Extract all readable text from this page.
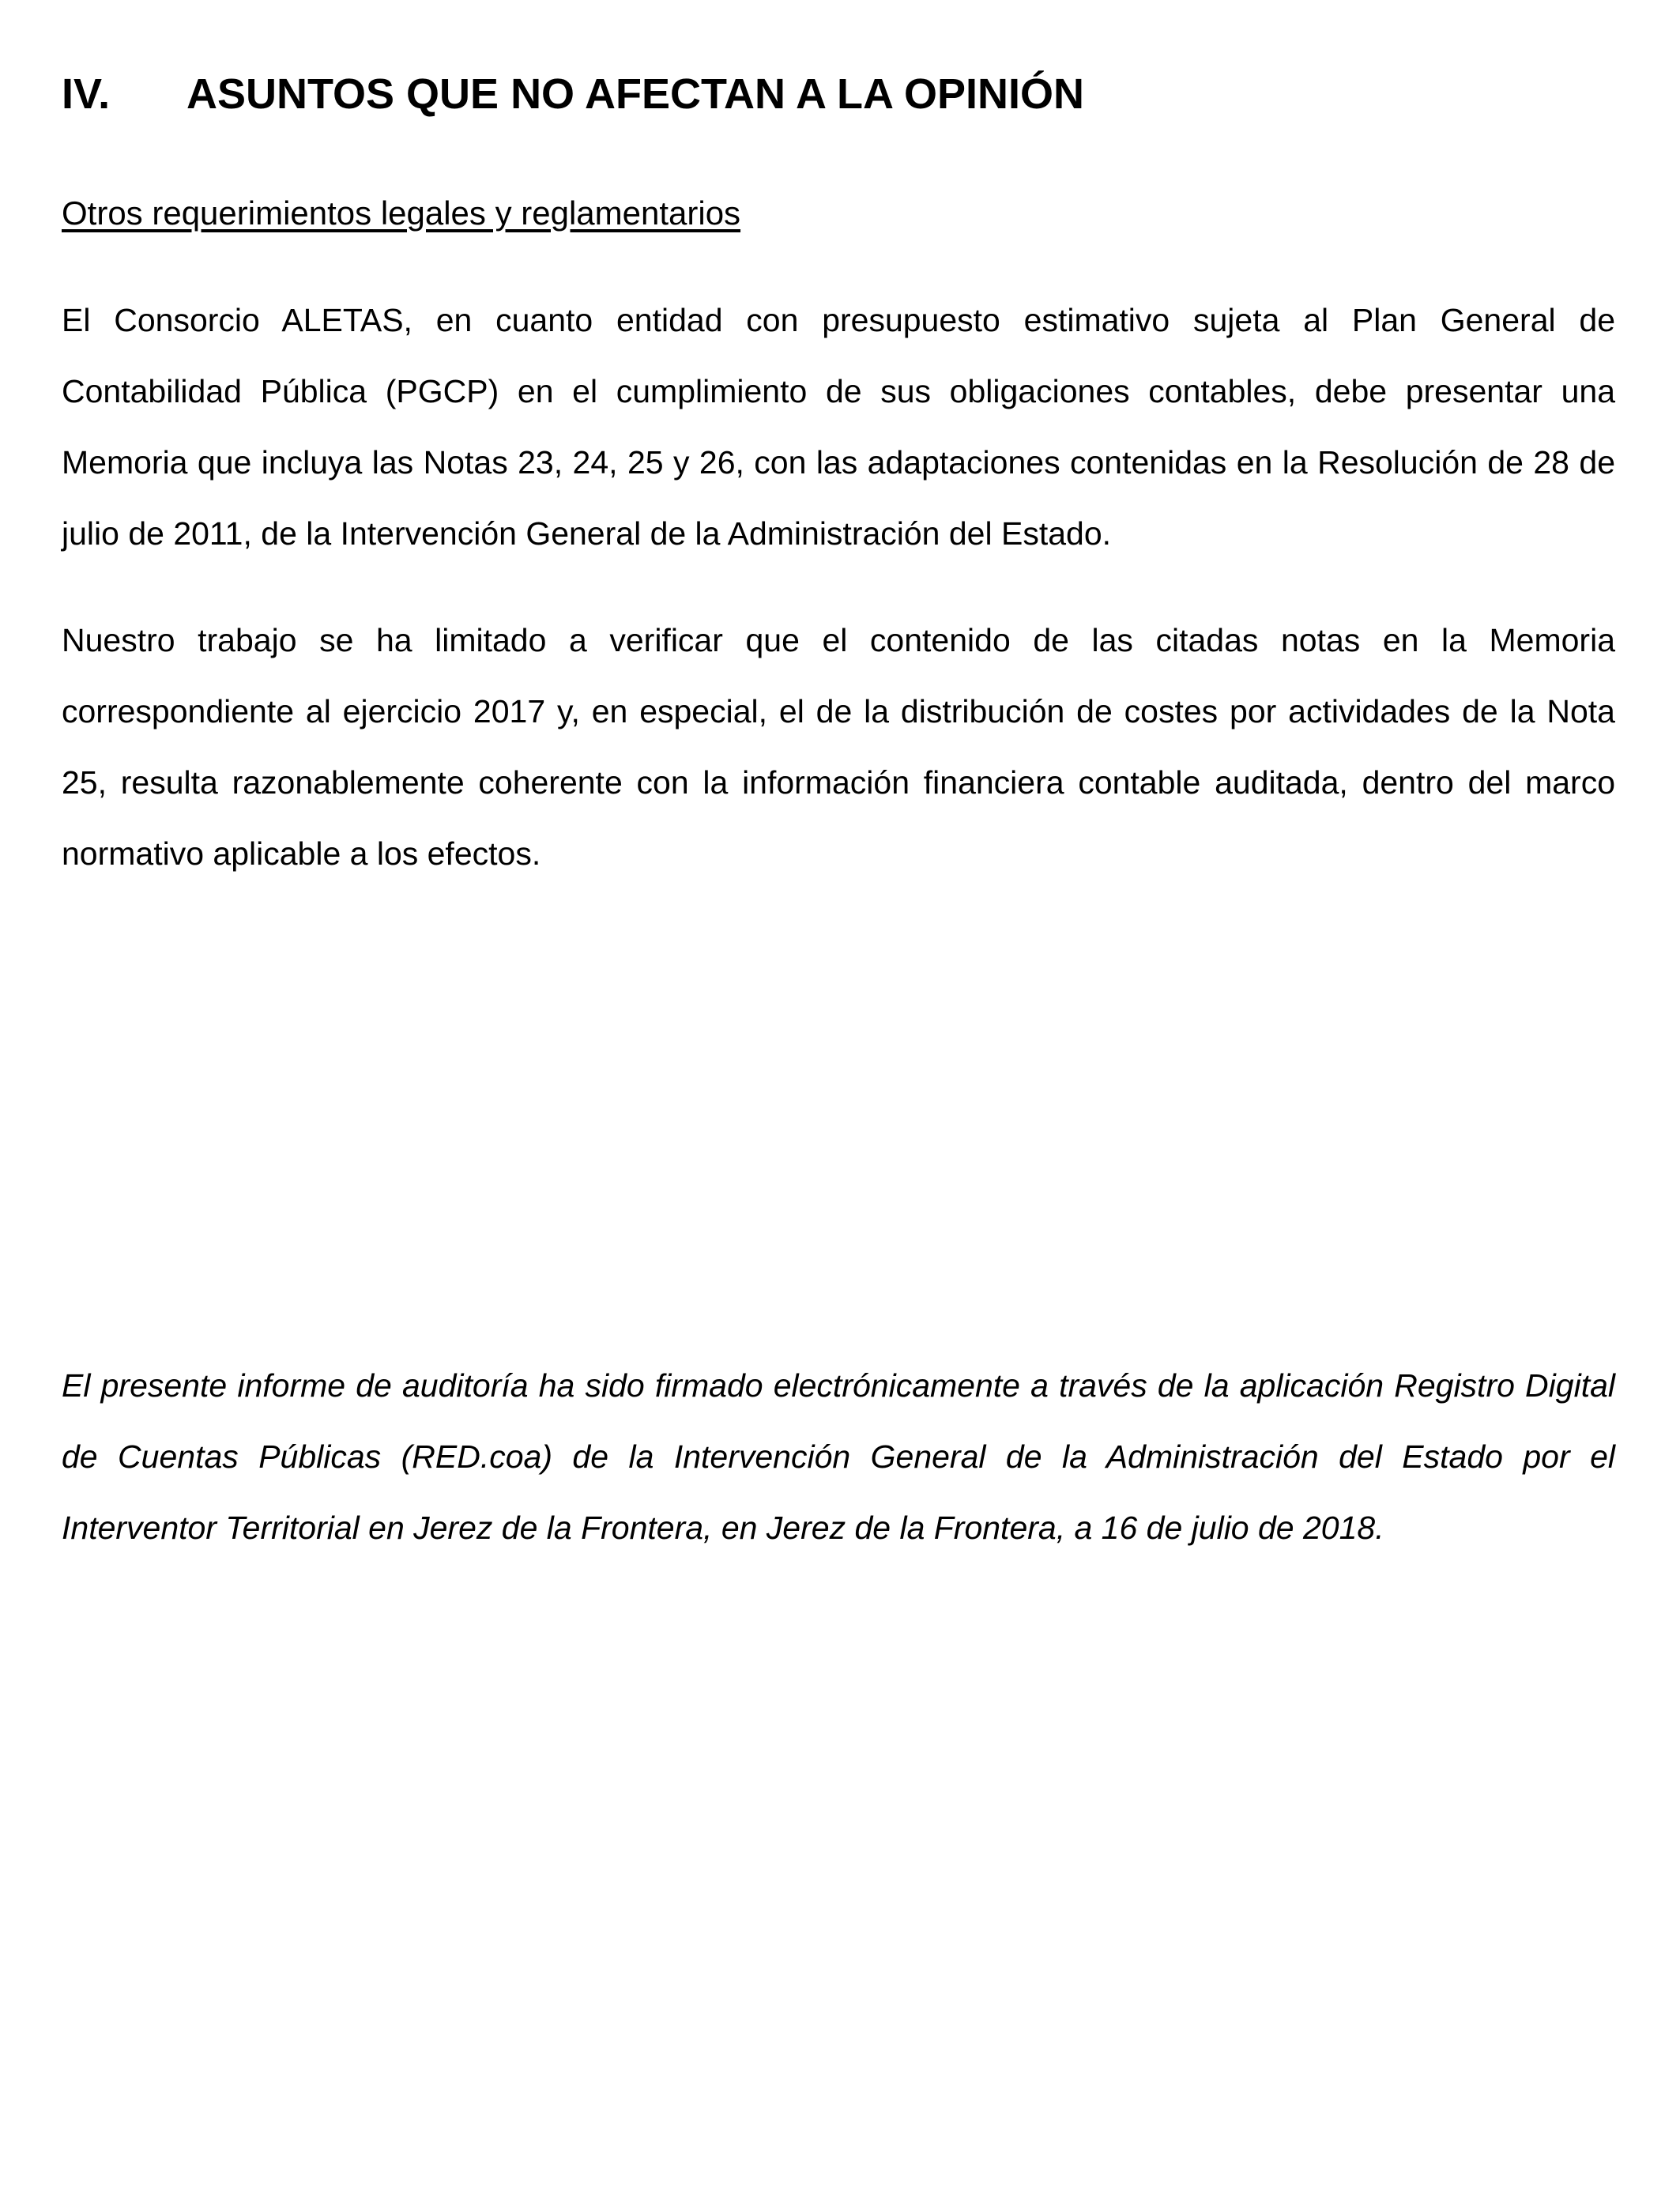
IV. ASUNTOS QUE NO AFECTAN A LA OPINIÓN
Otros requerimientos legales y reglamentarios

El Consorcio ALETAS, en cuanto entidad con presupuesto estimativo sujeta al Plan General de Contabilidad Pública (PGCP) en el cumplimiento de sus obligaciones contables, debe presentar una Memoria que incluya las Notas 23, 24, 25 y 26, con las adaptaciones contenidas en la Resolución de 28 de julio de 2011, de la Intervención General de la Administración del Estado.

Nuestro trabajo se ha limitado a verificar que el contenido de las citadas notas en la Memoria correspondiente al ejercicio 2017 y, en especial, el de la distribución de costes por actividades de la Nota 25, resulta razonablemente coherente con la información financiera contable auditada, dentro del marco normativo aplicable a los efectos.

El presente informe de auditoría ha sido firmado electrónicamente a través de la aplicación Registro Digital de Cuentas Públicas (RED.coa) de la Intervención General de la Administración del Estado por el Interventor Territorial en Jerez de la Frontera, en Jerez de la Frontera, a 16 de julio de 2018.
